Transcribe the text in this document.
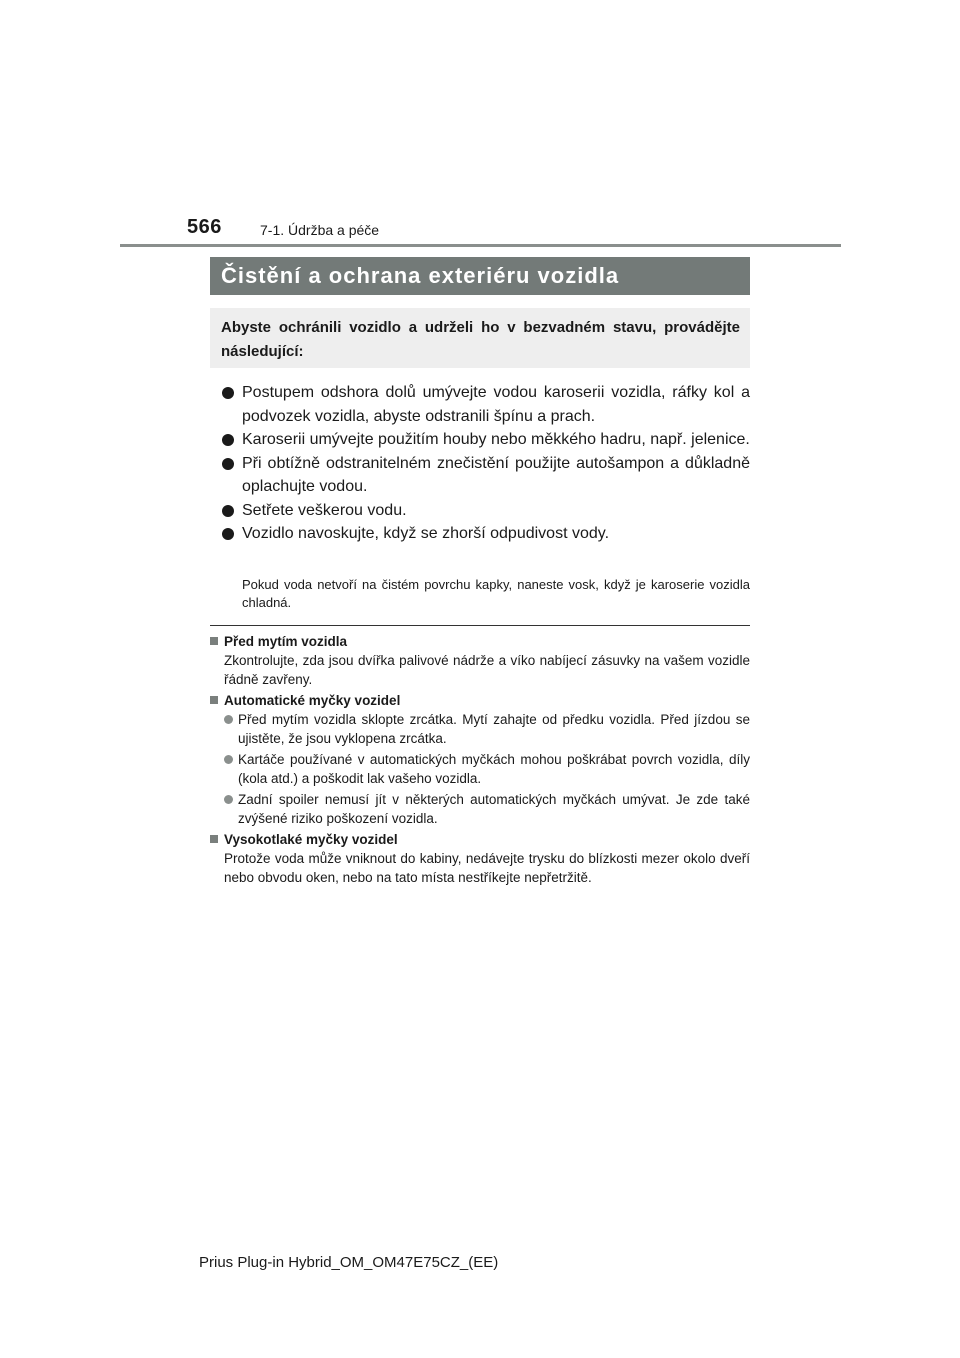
566	7-1. Údržba a péče
Čistění a ochrana exteriéru vozidla
Abyste ochránili vozidlo a udrželi ho v bezvadném stavu, provádějte následující:
Postupem odshora dolů umývejte vodou karoserii vozidla, ráfky kol a podvozek vozidla, abyste odstranili špínu a prach.
Karoserii umývejte použitím houby nebo měkkého hadru, např. jelenice.
Při obtížně odstranitelném znečistění použijte autošampon a důkladně oplachujte vodou.
Setřete veškerou vodu.
Vozidlo navoskujte, když se zhorší odpudivost vody.
Pokud voda netvoří na čistém povrchu kapky, naneste vosk, když je karoserie vozidla chladná.
Před mytím vozidla
Zkontrolujte, zda jsou dvířka palivové nádrže a víko nabíjecí zásuvky na vašem vozidle řádně zavřeny.
Automatické myčky vozidel
Před mytím vozidla sklopte zrcátka. Mytí zahajte od předku vozidla. Před jízdou se ujistěte, že jsou vyklopena zrcátka.
Kartáče používané v automatických myčkách mohou poškrábat povrch vozidla, díly (kola atd.) a poškodit lak vašeho vozidla.
Zadní spoiler nemusí jít v některých automatických myčkách umývat. Je zde také zvýšené riziko poškození vozidla.
Vysokotlaké myčky vozidel
Protože voda může vniknout do kabiny, nedávejte trysku do blízkosti mezer okolo dveří nebo obvodu oken, nebo na tato místa nestříkejte nepřetržitě.
Prius Plug-in Hybrid_OM_OM47E75CZ_(EE)
